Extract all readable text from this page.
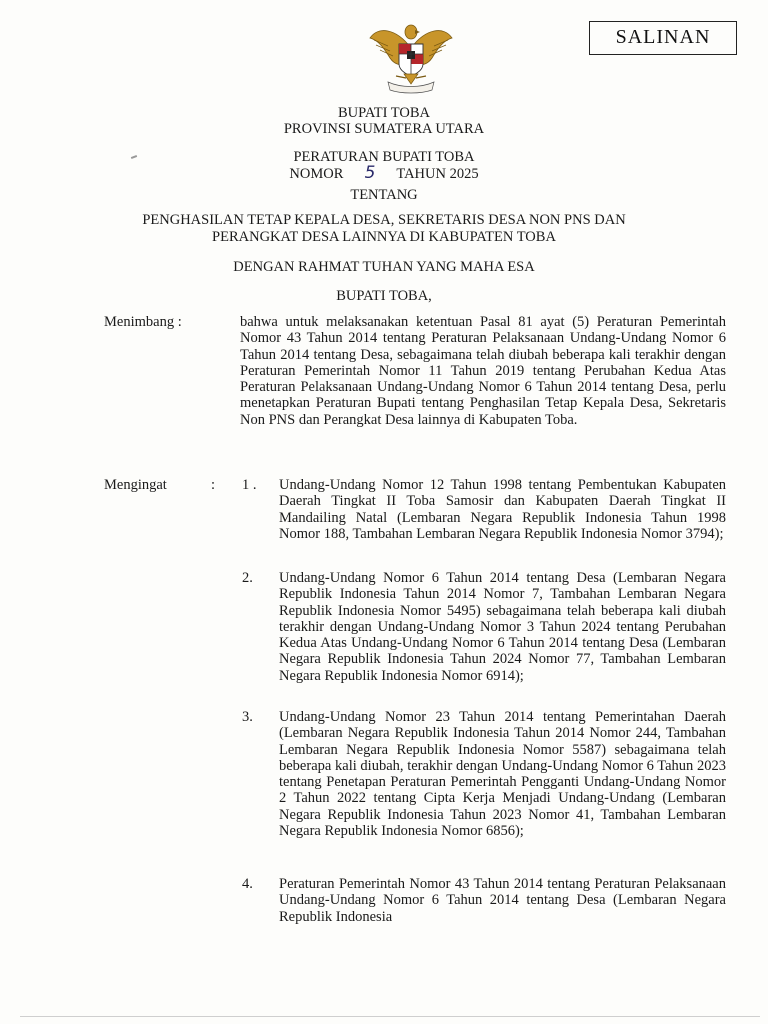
SALINAN
BUPATI TOBA
PROVINSI SUMATERA UTARA
PERATURAN BUPATI TOBA
NOMOR 5 TAHUN 2025
TENTANG
PENGHASILAN TETAP KEPALA DESA, SEKRETARIS DESA NON PNS DAN
PERANGKAT DESA LAINNYA DI KABUPATEN TOBA
DENGAN RAHMAT TUHAN YANG MAHA ESA
BUPATI TOBA,
Menimbang :	bahwa untuk melaksanakan ketentuan Pasal 81 ayat (5) Peraturan Pemerintah Nomor 43 Tahun 2014 tentang Peraturan Pelaksanaan Undang-Undang Nomor 6 Tahun 2014 tentang Desa, sebagaimana telah diubah beberapa kali terakhir dengan Peraturan Pemerintah Nomor 11 Tahun 2019 tentang Perubahan Kedua Atas Peraturan Pelaksanaan Undang-Undang Nomor 6 Tahun 2014 tentang Desa, perlu menetapkan Peraturan Bupati tentang Penghasilan Tetap Kepala Desa, Sekretaris Non PNS dan Perangkat Desa lainnya di Kabupaten Toba.
Mengingat	: 1 . Undang-Undang Nomor 12 Tahun 1998 tentang Pembentukan Kabupaten Daerah Tingkat II Toba Samosir dan Kabupaten Daerah Tingkat II Mandailing Natal (Lembaran Negara Republik Indonesia Tahun 1998 Nomor 188, Tambahan Lembaran Negara Republik Indonesia Nomor 3794);
2. Undang-Undang Nomor 6 Tahun 2014 tentang Desa (Lembaran Negara Republik Indonesia Tahun 2014 Nomor 7, Tambahan Lembaran Negara Republik Indonesia Nomor 5495) sebagaimana telah beberapa kali diubah terakhir dengan Undang-Undang Nomor 3 Tahun 2024 tentang Perubahan Kedua Atas Undang-Undang Nomor 6 Tahun 2014 tentang Desa (Lembaran Negara Republik Indonesia Tahun 2024 Nomor 77, Tambahan Lembaran Negara Republik Indonesia Nomor 6914);
3. Undang-Undang Nomor 23 Tahun 2014 tentang Pemerintahan Daerah (Lembaran Negara Republik Indonesia Tahun 2014 Nomor 244, Tambahan Lembaran Negara Republik Indonesia Nomor 5587) sebagaimana telah beberapa kali diubah, terakhir dengan Undang-Undang Nomor 6 Tahun 2023 tentang Penetapan Peraturan Pemerintah Pengganti Undang-Undang Nomor 2 Tahun 2022 tentang Cipta Kerja Menjadi Undang-Undang (Lembaran Negara Republik Indonesia Tahun 2023 Nomor 41, Tambahan Lembaran Negara Republik Indonesia Nomor 6856);
4. Peraturan Pemerintah Nomor 43 Tahun 2014 tentang Peraturan Pelaksanaan Undang-Undang Nomor 6 Tahun 2014 tentang Desa (Lembaran Negara Republik Indonesia
